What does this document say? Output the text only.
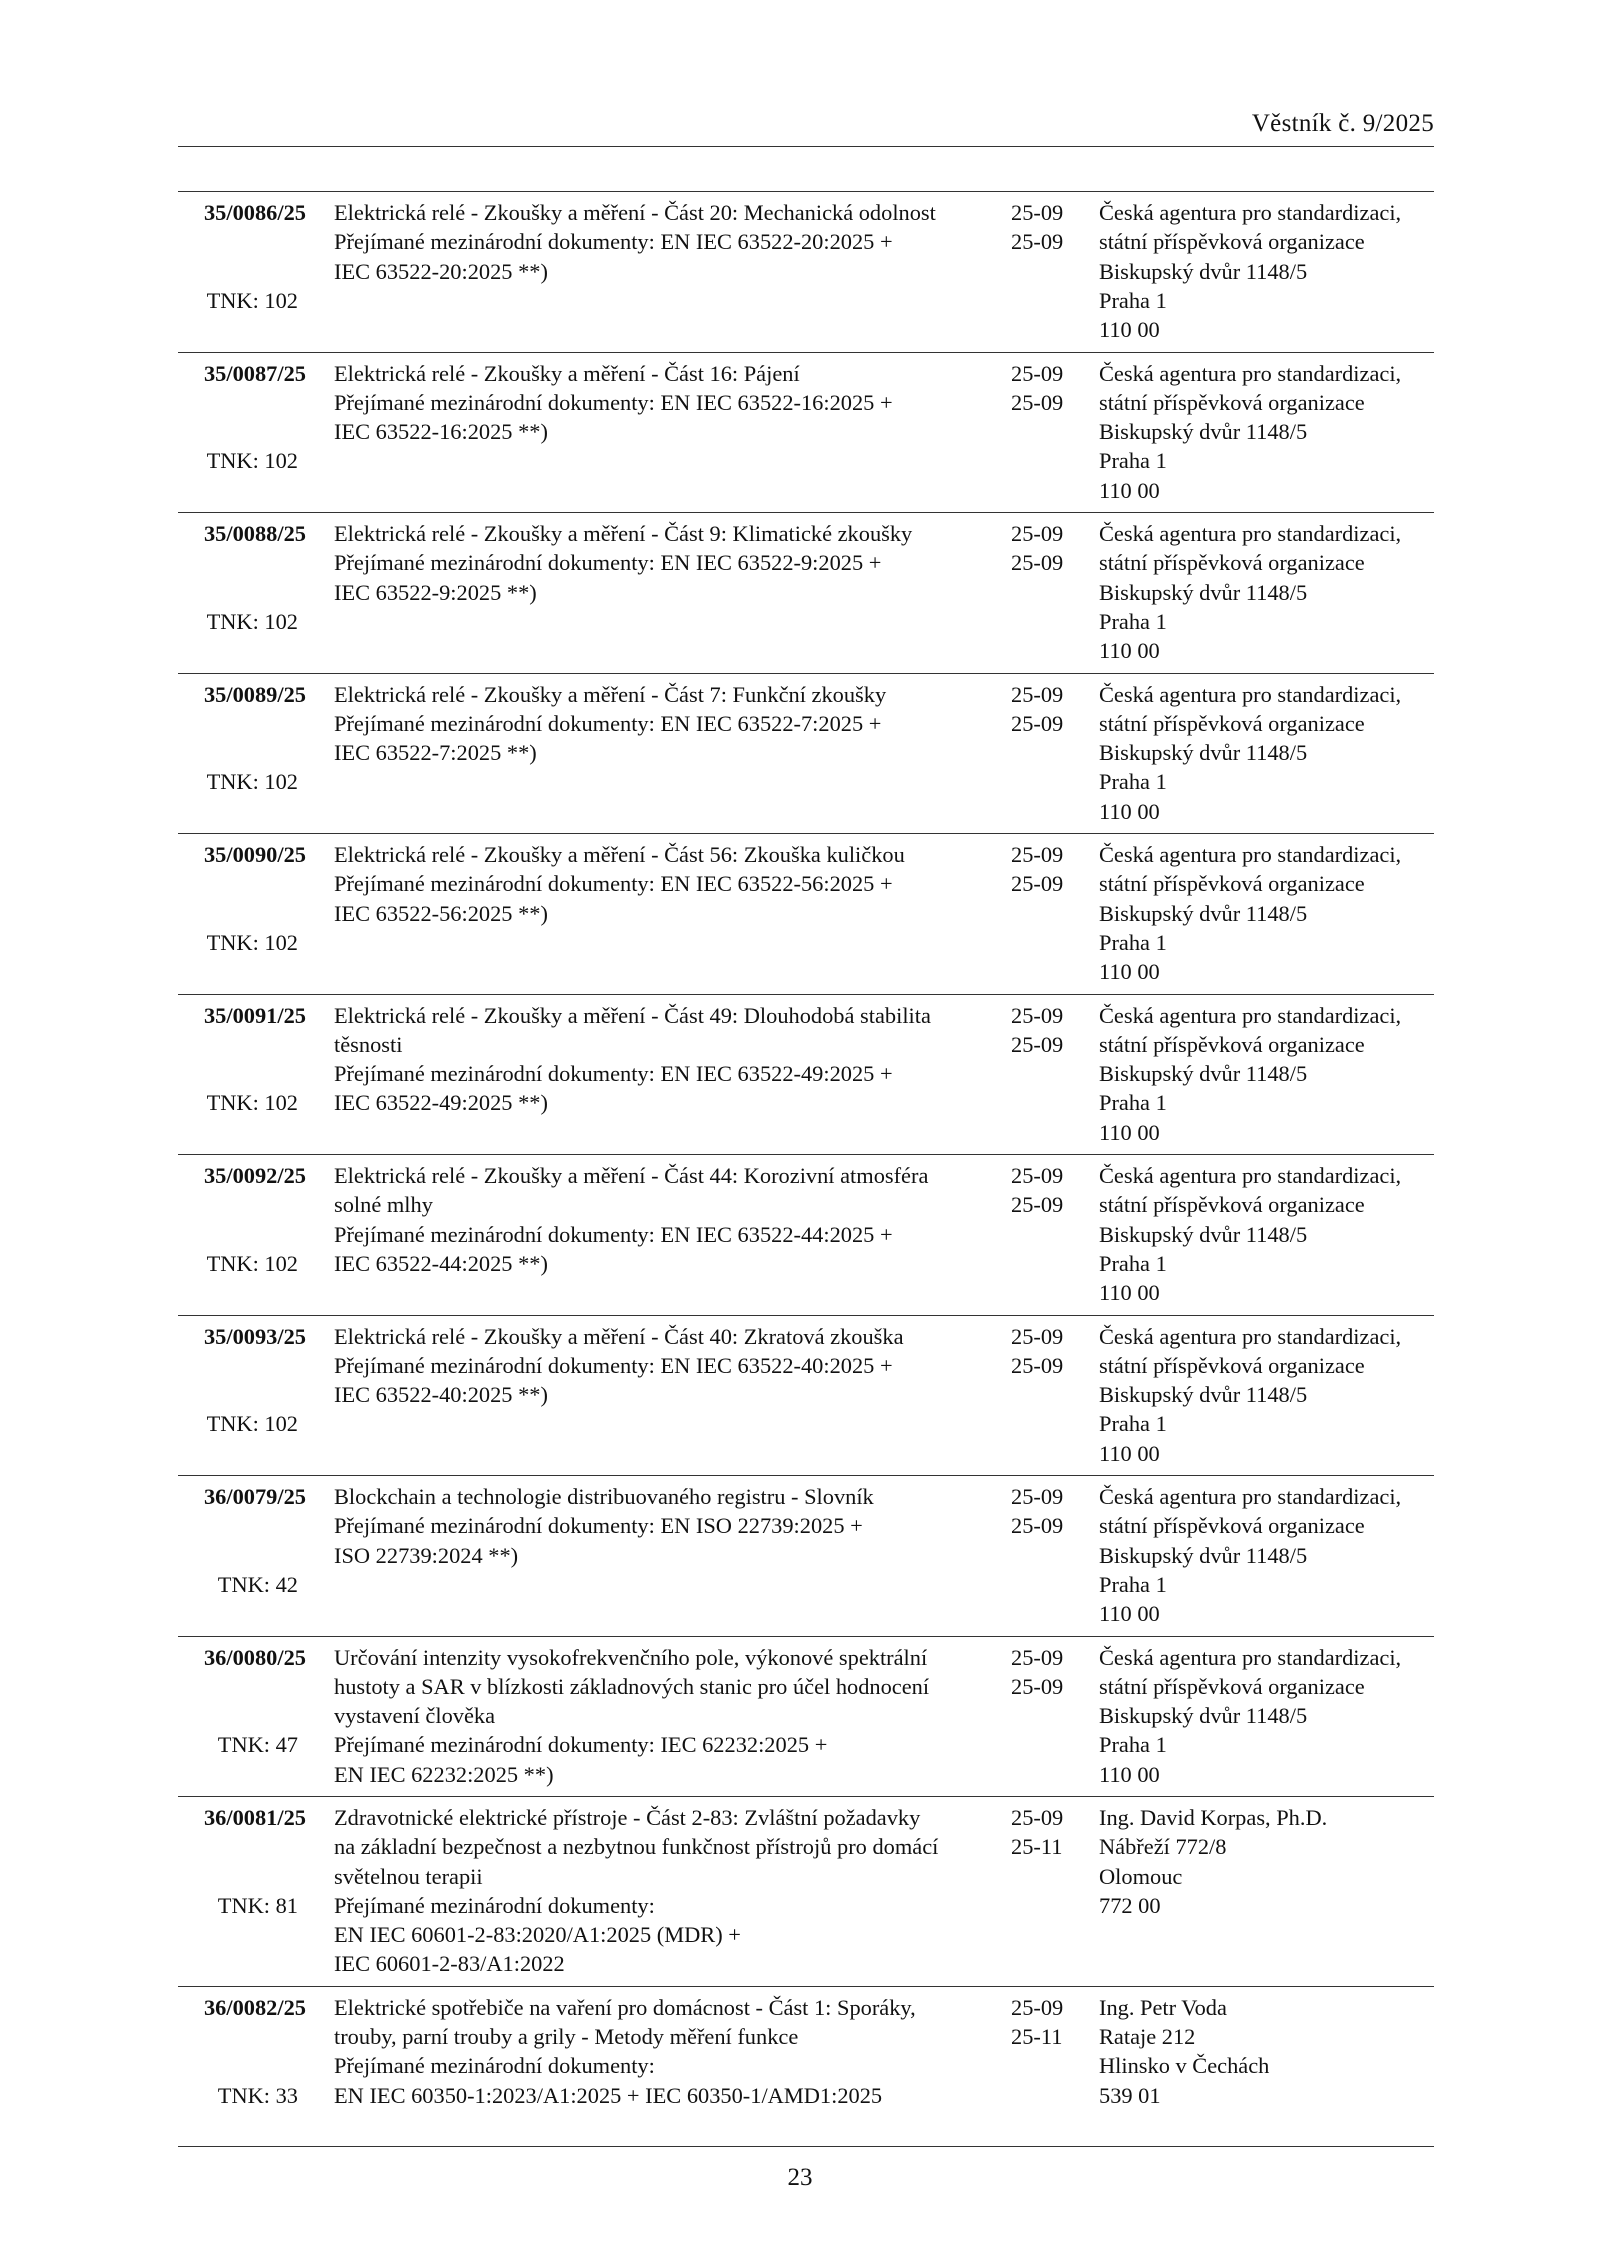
Věstník č. 9/2025
35/0086/25
TNK: 102
Elektrická relé - Zkoušky a měření - Část 20: Mechanická odolnost
Přejímané mezinárodní dokumenty: EN IEC 63522-20:2025 +
IEC 63522-20:2025 **)
25-09
25-09
Česká agentura pro standardizaci,
státní příspěvková organizace
Biskupský dvůr 1148/5
Praha 1
110 00
35/0087/25
TNK: 102
Elektrická relé - Zkoušky a měření - Část 16: Pájení
Přejímané mezinárodní dokumenty: EN IEC 63522-16:2025 +
IEC 63522-16:2025 **)
25-09
25-09
Česká agentura pro standardizaci,
státní příspěvková organizace
Biskupský dvůr 1148/5
Praha 1
110 00
35/0088/25
TNK: 102
Elektrická relé - Zkoušky a měření - Část 9: Klimatické zkoušky
Přejímané mezinárodní dokumenty: EN IEC 63522-9:2025 +
IEC 63522-9:2025 **)
25-09
25-09
Česká agentura pro standardizaci,
státní příspěvková organizace
Biskupský dvůr 1148/5
Praha 1
110 00
35/0089/25
TNK: 102
Elektrická relé - Zkoušky a měření - Část 7: Funkční zkoušky
Přejímané mezinárodní dokumenty: EN IEC 63522-7:2025 +
IEC 63522-7:2025 **)
25-09
25-09
Česká agentura pro standardizaci,
státní příspěvková organizace
Biskupský dvůr 1148/5
Praha 1
110 00
35/0090/25
TNK: 102
Elektrická relé - Zkoušky a měření - Část 56: Zkouška kuličkou
Přejímané mezinárodní dokumenty: EN IEC 63522-56:2025 +
IEC 63522-56:2025 **)
25-09
25-09
Česká agentura pro standardizaci,
státní příspěvková organizace
Biskupský dvůr 1148/5
Praha 1
110 00
35/0091/25
TNK: 102
Elektrická relé - Zkoušky a měření - Část 49: Dlouhodobá stabilita
těsnosti
Přejímané mezinárodní dokumenty: EN IEC 63522-49:2025 +
IEC 63522-49:2025 **)
25-09
25-09
Česká agentura pro standardizaci,
státní příspěvková organizace
Biskupský dvůr 1148/5
Praha 1
110 00
35/0092/25
TNK: 102
Elektrická relé - Zkoušky a měření - Část 44: Korozivní atmosféra
solné mlhy
Přejímané mezinárodní dokumenty: EN IEC 63522-44:2025 +
IEC 63522-44:2025 **)
25-09
25-09
Česká agentura pro standardizaci,
státní příspěvková organizace
Biskupský dvůr 1148/5
Praha 1
110 00
35/0093/25
TNK: 102
Elektrická relé - Zkoušky a měření - Část 40: Zkratová zkouška
Přejímané mezinárodní dokumenty: EN IEC 63522-40:2025 +
IEC 63522-40:2025 **)
25-09
25-09
Česká agentura pro standardizaci,
státní příspěvková organizace
Biskupský dvůr 1148/5
Praha 1
110 00
36/0079/25
TNK: 42
Blockchain a technologie distribuovaného registru - Slovník
Přejímané mezinárodní dokumenty: EN ISO 22739:2025 +
ISO 22739:2024 **)
25-09
25-09
Česká agentura pro standardizaci,
státní příspěvková organizace
Biskupský dvůr 1148/5
Praha 1
110 00
36/0080/25
TNK: 47
Určování intenzity vysokofrekvenčního pole, výkonové spektrální
hustoty a SAR v blízkosti základnových stanic pro účel hodnocení
vystavení člověka
Přejímané mezinárodní dokumenty: IEC 62232:2025 +
EN IEC 62232:2025 **)
25-09
25-09
Česká agentura pro standardizaci,
státní příspěvková organizace
Biskupský dvůr 1148/5
Praha 1
110 00
36/0081/25
TNK: 81
Zdravotnické elektrické přístroje - Část 2-83: Zvláštní požadavky
na základní bezpečnost a nezbytnou funkčnost přístrojů pro domácí
světelnou terapii
Přejímané mezinárodní dokumenty:
EN IEC 60601-2-83:2020/A1:2025 (MDR) +
IEC 60601-2-83/A1:2022
25-09
25-11
Ing. David Korpas, Ph.D.
Nábřeží 772/8
Olomouc
772 00
36/0082/25
TNK: 33
Elektrické spotřebiče na vaření pro domácnost - Část 1: Sporáky,
trouby, parní trouby a grily - Metody měření funkce
Přejímané mezinárodní dokumenty:
EN IEC 60350-1:2023/A1:2025 + IEC 60350-1/AMD1:2025
25-09
25-11
Ing. Petr Voda
Rataje 212
Hlinsko v Čechách
539 01
23
